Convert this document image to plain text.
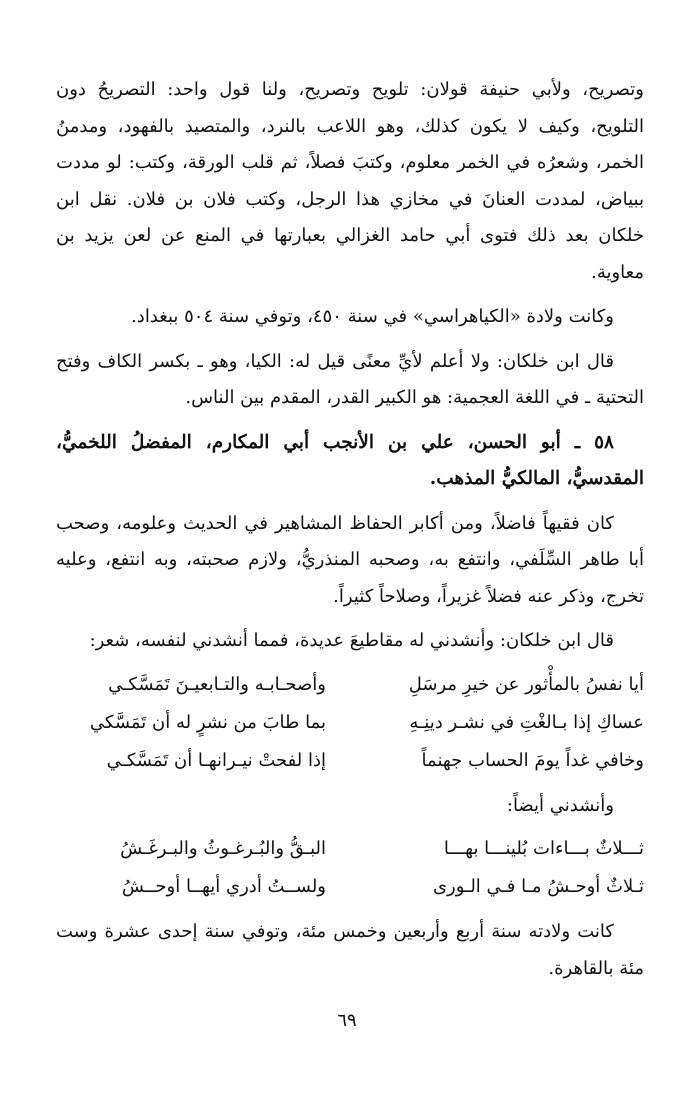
وتصريح، ولأبي حنيفة قولان: تلويح وتصريح، ولنا قول واحد: التصريحُ دون التلويح، وكيف لا يكون كذلك، وهو اللاعب بالنرد، والمتصيد بالفهود، ومدمنُ الخمر، وشعرُه في الخمر معلوم، وكتبَ فصلاً، ثم قلب الورقة، وكتب: لو مددت ببياض، لمددت العنانَ في مخازي هذا الرجل، وكتب فلان بن فلان. نقل ابن خلكان بعد ذلك فتوى أبي حامد الغزالي بعبارتها في المنع عن لعن يزيد بن معاوية.

وكانت ولادة «الكياهراسي» في سنة ٤٥٠، وتوفي سنة ٥٠٤ ببغداد.

قال ابن خلكان: ولا أعلم لأيِّ معنًى قيل له: الكيا، وهو ـ بكسر الكاف وفتح التحتية ـ في اللغة العجمية: هو الكبير القدر، المقدم بين الناس.

٥٨ ـ أبو الحسن، علي بن الأنجب أبي المكارم، المفضلُ اللخميُّ، المقدسيُّ، المالكيُّ المذهب.

كان فقيهاً فاضلاً، ومن أكابر الحفاظ المشاهير في الحديث وعلومه، وصحب أبا طاهر السِّلَفي، وانتفع به، وصحبه المنذريُّ، ولازم صحبته، وبه انتفع، وعليه تخرج، وذكر عنه فضلاً غزيراً، وصلاحاً كثيراً.

قال ابن خلكان: وأنشدني له مقاطيعَ عديدة، فمما أنشدني لنفسه، شعر:

أيا نفسُ بالمأْثور عن خيرِ مرسَلِ
وأصحـابـه والتـابعيـنَ تَمَسَّكـي
عساكِ إذا بـالغْتِ في نشـر دينِـهِ
بما طابَ من نشرٍ له أن تَمَسَّكي
وخافي غداً يومَ الحساب جهنماً
إذا لفحتْ نيـرانهـا أن تَمَسَّكـي

وأنشدني أيضاً:

ثـــلاثٌ بـــاءات بُلينـــا بهـــا
البـقُّ والبُـرغـوثُ والبـرغَـشُ
ثـلاثٌ أوحـشُ مـا فـي الـورى
ولســتُ أدري أيهــا أوحــشُ

كانت ولادته سنة أربع وأربعين وخمس مئة، وتوفي سنة إحدى عشرة وست مئة بالقاهرة.

٦٩
